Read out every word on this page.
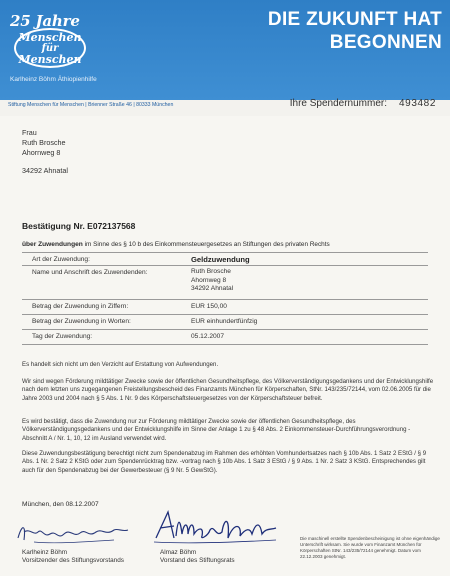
25 Jahre
Menschen
für
Menschen
Karlheinz Böhm Äthiopienhilfe
DIE ZUKUNFT HAT
BEGONNEN
Stiftung Menschen für Menschen | Brienner Straße 46 | 80333 München	Ihre Spendernummer: 493482
Frau
Ruth Brosche
Ahornweg 8
34292 Ahnatal
Bestätigung Nr. E072137568
über Zuwendungen im Sinne des § 10 b des Einkommensteuergesetzes an Stiftungen des privaten Rechts
Art der Zuwendung:	Geldzuwendung
Name und Anschrift des Zuwendenden:	Ruth Brosche
Ahornweg 8
34292 Ahnatal
Betrag der Zuwendung in Ziffern:	EUR 150,00
Betrag der Zuwendung in Worten:	EUR einhundertfünfzig
Tag der Zuwendung:	05.12.2007
Es handelt sich nicht um den Verzicht auf Erstattung von Aufwendungen.
Wir sind wegen Förderung mildtätiger Zwecke sowie der öffentlichen Gesundheitspflege, des Völkerverständigungsgedankens und der Entwicklungshilfe nach dem letzten uns zugegangenen Freistellungsbescheid des Finanzamts München für Körperschaften, StNr. 143/235/72144, vom 02.06.2005 für die Jahre 2003 und 2004 nach § 5 Abs. 1 Nr. 9 des Körperschaftsteuergesetzes von der Körperschaftsteuer befreit.
Es wird bestätigt, dass die Zuwendung nur zur Förderung mildtätiger Zwecke sowie der öffentlichen Gesundheitspflege, des Völkerverständigungsgedankens und der Entwicklungshilfe im Sinne der Anlage 1 zu § 48 Abs. 2 Einkommensteuer-Durchführungsverordnung - Abschnitt A / Nr. 1, 10, 12 im Ausland verwendet wird.
Diese Zuwendungsbestätigung berechtigt nicht zum Spendenabzug im Rahmen des erhöhten Vomhundertsatzes nach § 10b Abs. 1 Satz 2 EStG / § 9 Abs. 1 Nr. 2 Satz 2 KStG oder zum Spendenrücktrag bzw. -vortrag nach § 10b Abs. 1 Satz 3 EStG / § 9 Abs. 1 Nr. 2 Satz 3 KStG. Entsprechendes gilt auch für den Spendenabzug bei der Gewerbesteuer (§ 9 Nr. 5 GewStG).
München, den 08.12.2007
Karlheinz Böhm
Vorsitzender des Stiftungsvorstands
Almaz Böhm
Vorstand des Stiftungsrats
Die maschinell erstellte Spendenbescheinigung ist ohne eigenhändige Unterschrift wirksam. Sie wurde vom Finanzamt München für Körperschaften StNr. 143/235/72144 genehmigt. Datum vom 22.12.2003 genehmigt.
